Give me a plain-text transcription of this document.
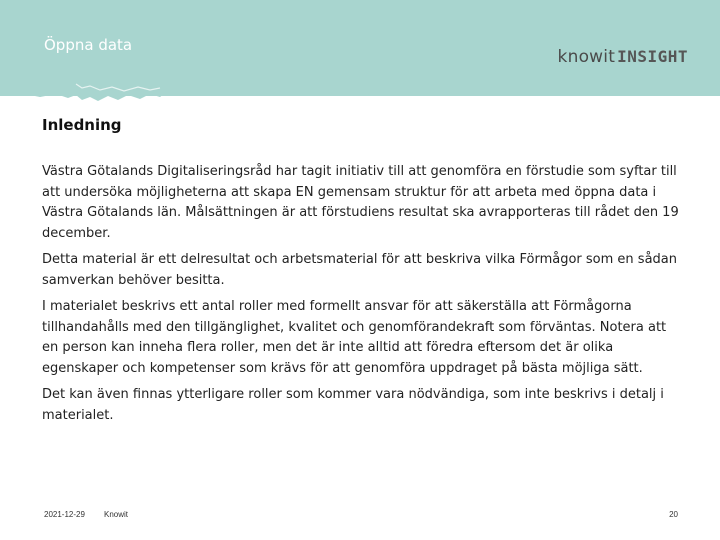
Öppna data
knowit INSIGHT
Inledning

Västra Götalands Digitaliseringsråd har tagit initiativ till att genomföra en förstudie som syftar till att undersöka möjligheterna att skapa EN gemensam struktur för att arbeta med öppna data i Västra Götalands län. Målsättningen är att förstudiens resultat ska avrapporteras till rådet den 19 december.

Detta material är ett delresultat och arbetsmaterial för att beskriva vilka Förmågor som en sådan samverkan behöver besitta.

I materialet beskrivs ett antal roller med formellt ansvar för att säkerställa att Förmågorna tillhandahålls med den tillgänglighet, kvalitet och genomförandekraft som förväntas. Notera att en person kan inneha flera roller, men det är inte alltid att föredra eftersom det är olika egenskaper och kompetenser som krävs för att genomföra uppdraget på bästa möjliga sätt.

Det kan även finnas ytterligare roller som kommer vara nödvändiga, som inte beskrivs i detalj i materialet.

2021-12-29 Knowit	20
